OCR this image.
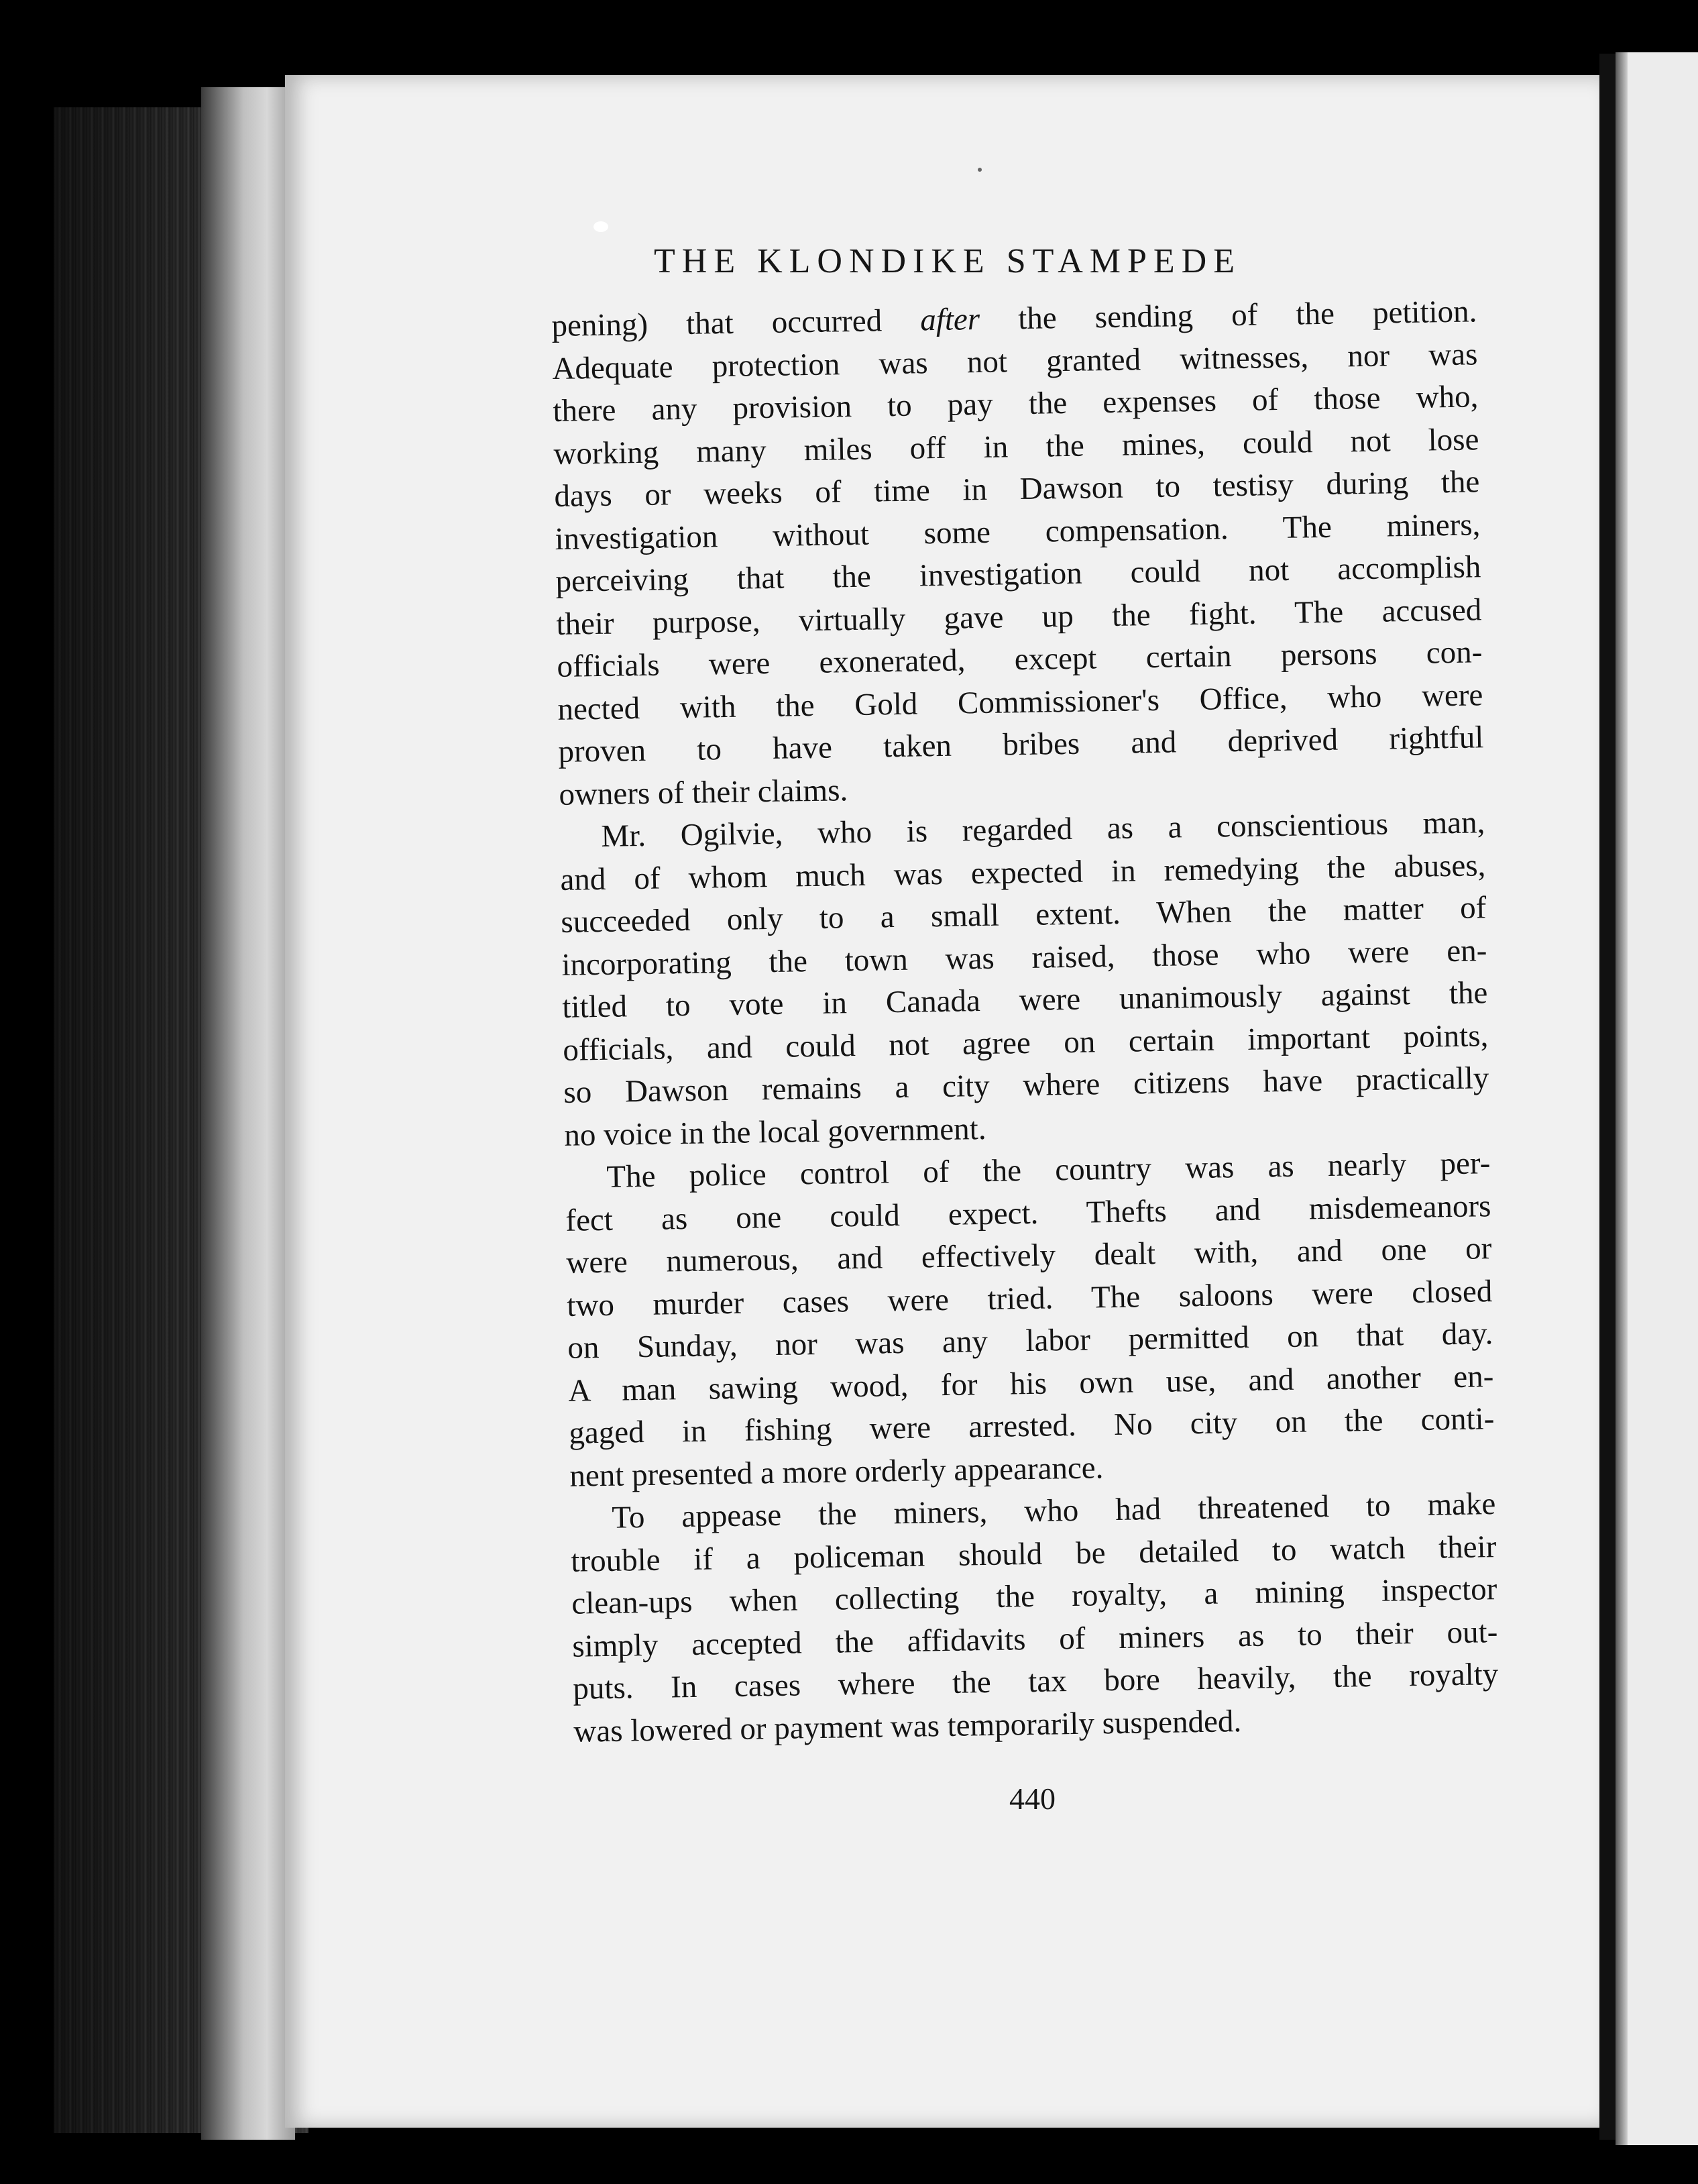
THE KLONDIKE STAMPEDE
pening) that occurred after the sending of the petition.
Adequate protection was not granted witnesses, nor was
there any provision to pay the expenses of those who,
working many miles off in the mines, could not lose
days or weeks of time in Dawson to testisy during the
investigation without some compensation. The miners,
perceiving that the investigation could not accomplish
their purpose, virtually gave up the fight. The accused
officials were exonerated, except certain persons con-
nected with the Gold Commissioner's Office, who were
proven to have taken bribes and deprived rightful
owners of their claims.
Mr. Ogilvie, who is regarded as a conscientious man,
and of whom much was expected in remedying the abuses,
succeeded only to a small extent. When the matter of
incorporating the town was raised, those who were en-
titled to vote in Canada were unanimously against the
officials, and could not agree on certain important points,
so Dawson remains a city where citizens have practically
no voice in the local government.
The police control of the country was as nearly per-
fect as one could expect. Thefts and misdemeanors
were numerous, and effectively dealt with, and one or
two murder cases were tried. The saloons were closed
on Sunday, nor was any labor permitted on that day.
A man sawing wood, for his own use, and another en-
gaged in fishing were arrested. No city on the conti-
nent presented a more orderly appearance.
To appease the miners, who had threatened to make
trouble if a policeman should be detailed to watch their
clean-ups when collecting the royalty, a mining inspector
simply accepted the affidavits of miners as to their out-
puts. In cases where the tax bore heavily, the royalty
was lowered or payment was temporarily suspended.
440
